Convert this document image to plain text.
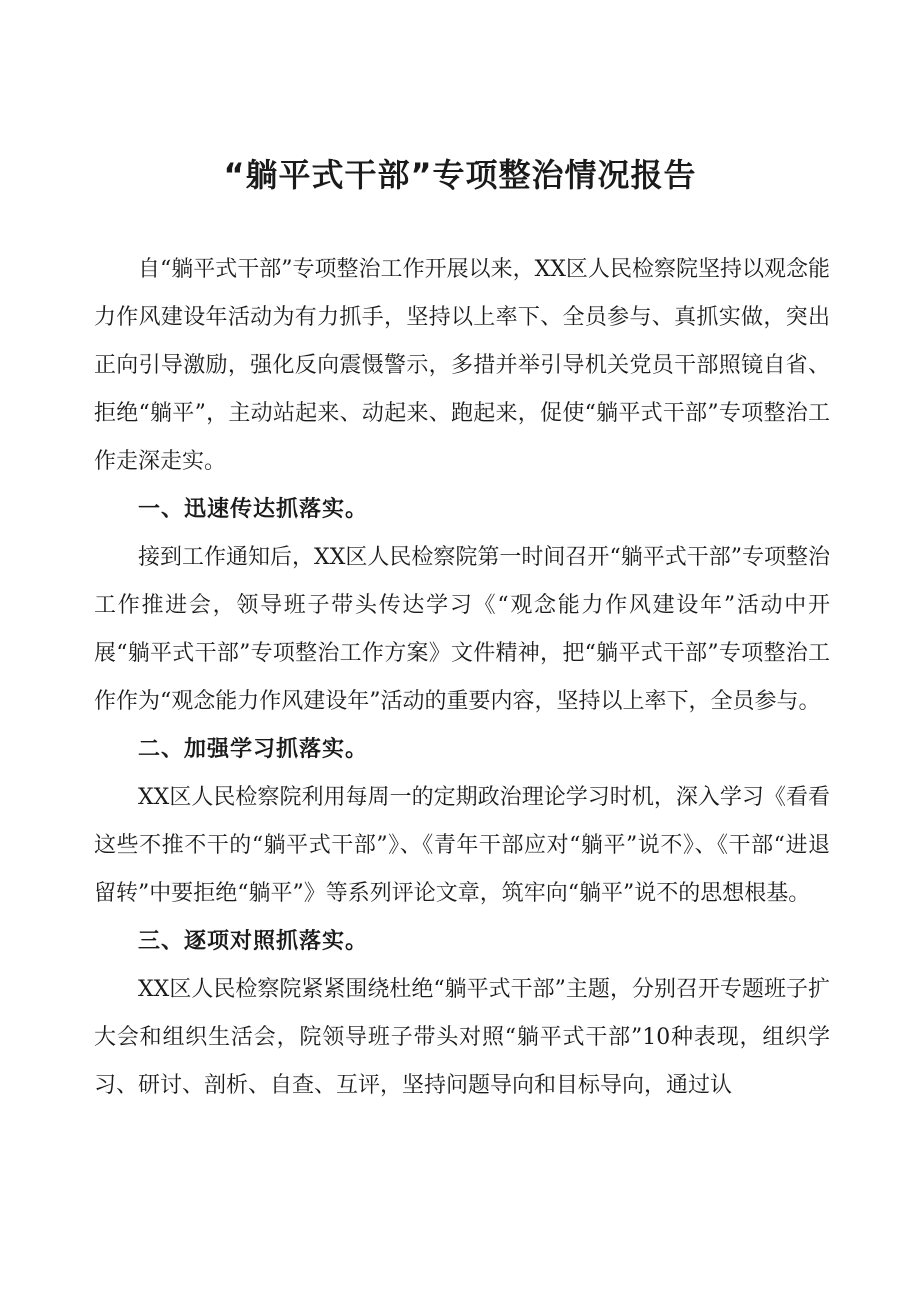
“躺平式干部”专项整治情况报告

自“躺平式干部”专项整治工作开展以来，XX区人民检察院坚持以观念能力作风建设年活动为有力抓手，坚持以上率下、全员参与、真抓实做，突出正向引导激励，强化反向震慑警示，多措并举引导机关党员干部照镜自省、拒绝“躺平”，主动站起来、动起来、跑起来，促使“躺平式干部”专项整治工作走深走实。

一、迅速传达抓落实。

接到工作通知后，XX区人民检察院第一时间召开“躺平式干部”专项整治工作推进会，领导班子带头传达学习《“观念能力作风建设年”活动中开展“躺平式干部”专项整治工作方案》文件精神，把“躺平式干部”专项整治工作作为“观念能力作风建设年”活动的重要内容，坚持以上率下，全员参与。

二、加强学习抓落实。

XX区人民检察院利用每周一的定期政治理论学习时机，深入学习《看看这些不推不干的“躺平式干部”》、《青年干部应对“躺平”说不》、《干部“进退留转”中要拒绝“躺平”》等系列评论文章，筑牢向“躺平”说不的思想根基。

三、逐项对照抓落实。

XX区人民检察院紧紧围绕杜绝“躺平式干部”主题，分别召开专题班子扩大会和组织生活会，院领导班子带头对照“躺平式干部”10种表现，组织学习、研讨、剖析、自查、互评，坚持问题导向和目标导向，通过认
